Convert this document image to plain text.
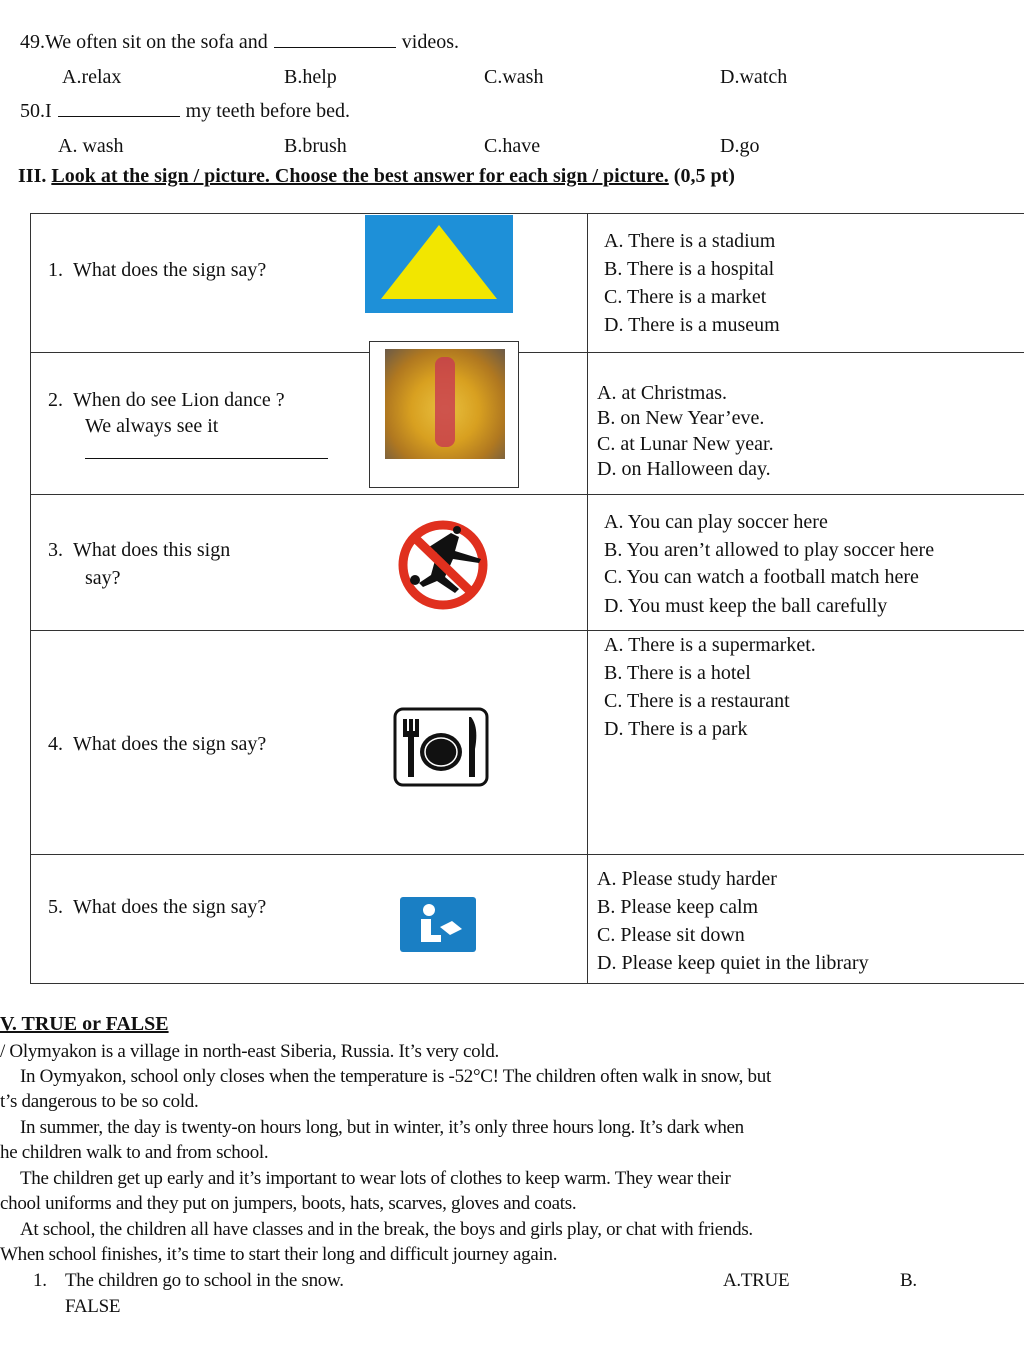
49.We often sit on the sofa and	videos.
A.relax	B.help	C.wash	D.watch
50.I	my teeth before bed.
A. wash	B.brush	C.have	D.go
III. Look at the sign / picture. Choose the best answer for each sign / picture. (0,5 pt)
1. What does the sign say?
A. There is a stadium
B. There is a hospital
C. There is a market
D. There is a museum
2. When do see Lion dance ?
We always see it
A. at Christmas.
B. on New Year’eve.
C. at Lunar New year.
D. on Halloween day.
3. What does this sign
say?
A. You can play soccer here
B. You aren’t allowed to play soccer here
C. You can watch a football match here
D. You must keep the ball carefully
4. What does the sign say?
A. There is a supermarket.
B. There is a hotel
C. There is a restaurant
D. There is a park
5. What does the sign say?
A. Please study harder
B. Please keep calm
C. Please sit down
D. Please keep quiet in the library
V. TRUE or FALSE
/ Olymyakon is a village in north-east Siberia, Russia. It’s very cold.
In Oymyakon, school only closes when the temperature is -52°C! The children often walk in snow, but
t’s dangerous to be so cold.
In summer, the day is twenty-on hours long, but in winter, it’s only three hours long. It’s dark when
he children walk to and from school.
The children get up early and it’s important to wear lots of clothes to keep warm. They wear their
chool uniforms and they put on jumpers, boots, hats, scarves, gloves and coats.
At school, the children all have classes and in the break, the boys and girls play, or chat with friends.
When school finishes, it’s time to start their long and difficult journey again.
1. The children go to school in the snow.	A.TRUE	B.
FALSE
